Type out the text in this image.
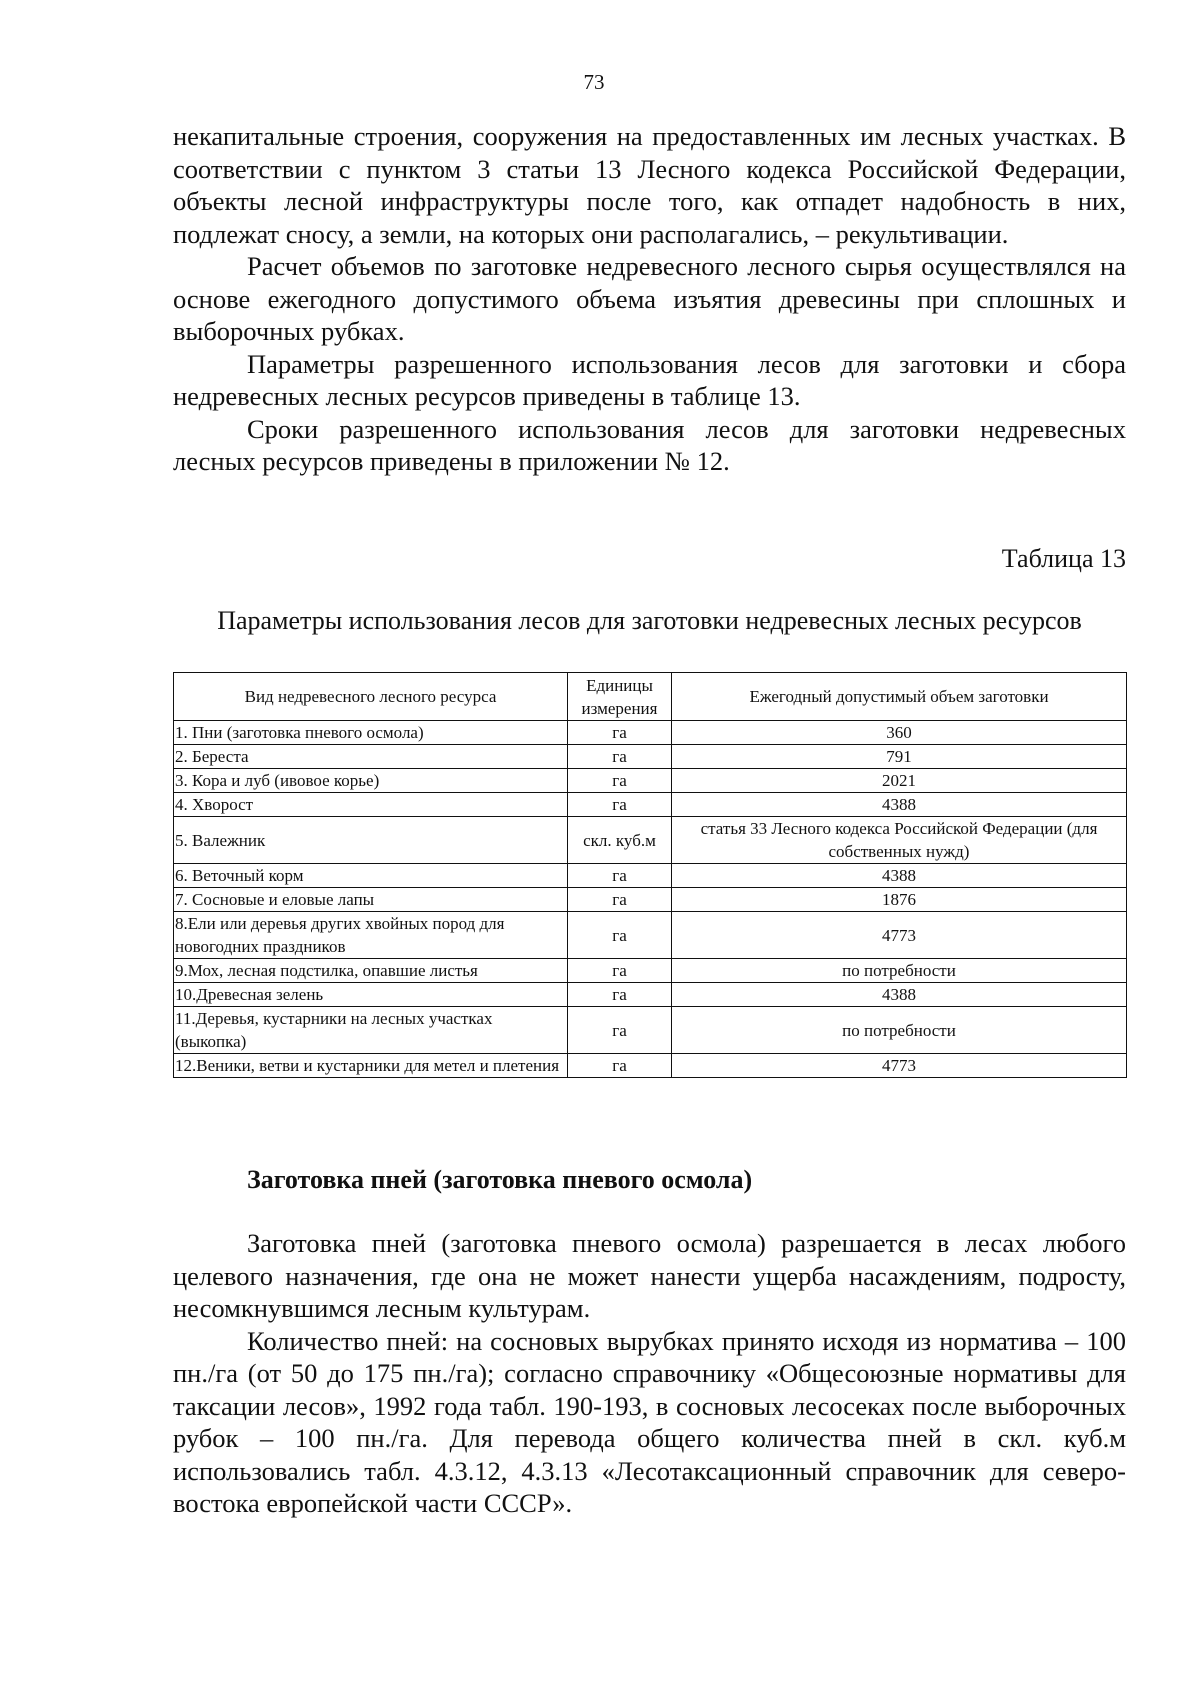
73

некапитальные строения, сооружения на предоставленных им лесных участках. В соответствии с пунктом 3 статьи 13 Лесного кодекса Российской Федерации, объекты лесной инфраструктуры после того, как отпадет надобность в них, подлежат сносу, а земли, на которых они располагались, – рекультивации.

Расчет объемов по заготовке недревесного лесного сырья осуществлялся на основе ежегодного допустимого объема изъятия древесины при сплошных и выборочных рубках.

Параметры разрешенного использования лесов для заготовки и сбора недревесных лесных ресурсов приведены в таблице 13.

Сроки разрешенного использования лесов для заготовки недревесных лесных ресурсов приведены в приложении № 12.

Таблица 13
Параметры использования лесов для заготовки недревесных лесных ресурсов
Вид недревесного лесного ресурса	Единицы измерения	Ежегодный допустимый объем заготовки
1. Пни (заготовка пневого осмола)	га	360
2. Береста	га	791
3. Кора и луб (ивовое корье)	га	2021
4. Хворост	га	4388
5. Валежник	скл. куб.м	статья 33 Лесного кодекса Российской Федерации (для собственных нужд)
6. Веточный корм	га	4388
7. Сосновые и еловые лапы	га	1876
8.Ели или деревья других хвойных пород для новогодних праздников	га	4773
9.Мох, лесная подстилка, опавшие листья	га	по потребности
10.Древесная зелень	га	4388
11.Деревья, кустарники на лесных участках (выкопка)	га	по потребности
12.Веники, ветви и кустарники для метел и плетения	га	4773
Заготовка пней (заготовка пневого осмола)

Заготовка пней (заготовка пневого осмола) разрешается в лесах любого целевого назначения, где она не может нанести ущерба насаждениям, подросту, несомкнувшимся лесным культурам.

Количество пней: на сосновых вырубках принято исходя из норматива – 100 пн./га (от 50 до 175 пн./га); согласно справочнику «Общесоюзные нормативы для таксации лесов», 1992 года табл. 190-193, в сосновых лесосеках после выборочных рубок – 100 пн./га. Для перевода общего количества пней в скл. куб.м использовались табл. 4.3.12, 4.3.13 «Лесотаксационный справочник для северо-востока европейской части СССР».
